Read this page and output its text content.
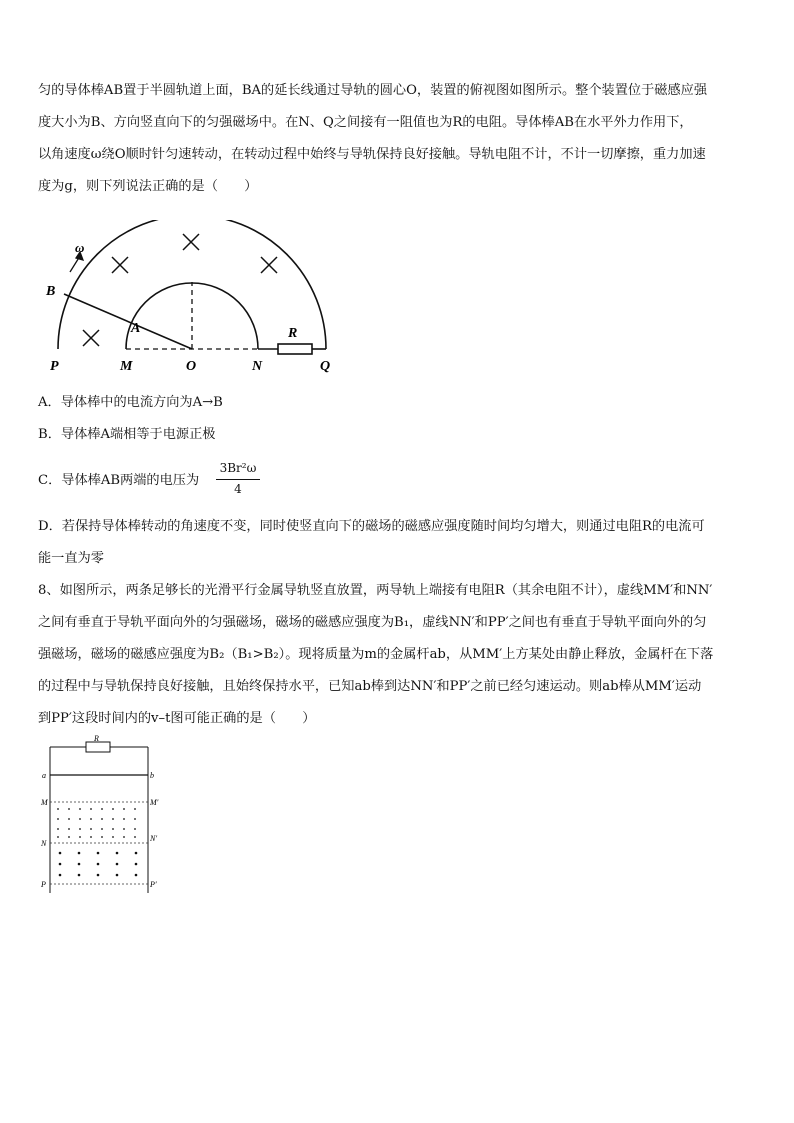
匀的导体棒AB置于半圆轨道上面，BA的延长线通过导轨的圆心O，装置的俯视图如图所示。整个装置位于磁感应强
度大小为B、方向竖直向下的匀强磁场中。在N、Q之间接有一阻值也为R的电阻。导体棒AB在水平外力作用下，
以角速度ω绕O顺时针匀速转动，在转动过程中始终与导轨保持良好接触。导轨电阻不计，不计一切摩擦，重力加速
度为g，则下列说法正确的是（　　）
ω
B
A	R
P	M	O	N	Q
A．导体棒中的电流方向为A→B
B．导体棒A端相等于电源正极
C．导体棒AB两端的电压为
3Br²ω
4
D．若保持导体棒转动的角速度不变，同时使竖直向下的磁场的磁感应强度随时间均匀增大，则通过电阻R的电流可
能一直为零
8、如图所示，两条足够长的光滑平行金属导轨竖直放置，两导轨上端接有电阻R（其余电阻不计），虚线MM′和NN′
之间有垂直于导轨平面向外的匀强磁场，磁场的磁感应强度为B₁，虚线NN′和PP′之间也有垂直于导轨平面向外的匀
强磁场，磁场的磁感应强度为B₂（B₁>B₂）。现将质量为m的金属杆ab，从MM′上方某处由静止释放，金属杆在下落
的过程中与导轨保持良好接触，且始终保持水平，已知ab棒到达NN′和PP′之前已经匀速运动。则ab棒从MM′运动
到PP′这段时间内的v–t图可能正确的是（　　）
R
a	b
M	M′
N
N′
P	P′
